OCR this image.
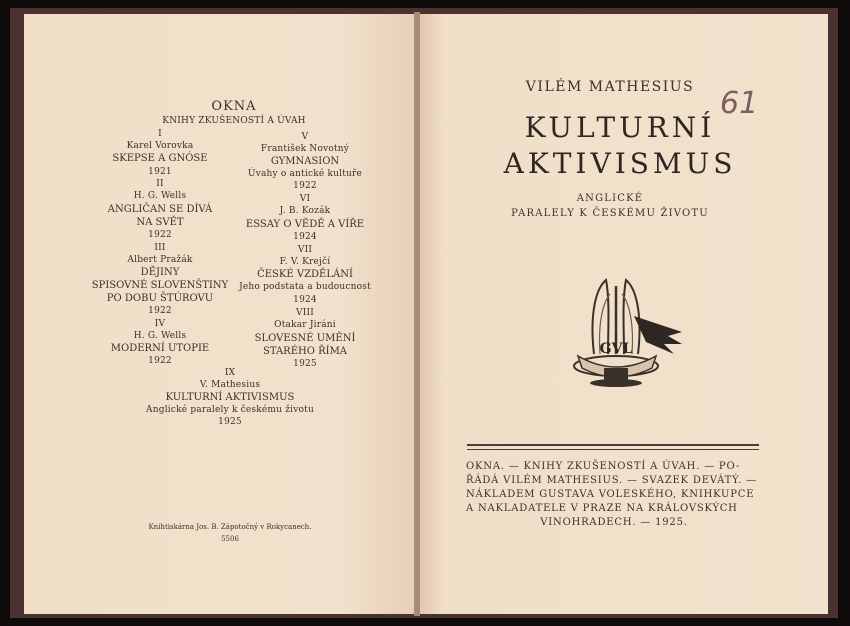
OKNA
KNIHY ZKUŠENOSTÍ A ÚVAH
I
Karel Vorovka
SKEPSE A GNÓSE
1921
II
H. G. Wells
ANGLIČAN SE DÍVÁ
NA SVĚT
1922
III
Albert Pražák
DĚJINY
SPISOVNÉ SLOVENŠTINY
PO DOBU ŠTÚROVU
1922
IV
H. G. Wells
MODERNÍ UTOPIE
1922
V
František Novotný
GYMNASION
Úvahy o antické kultuře
1922
VI
J. B. Kozák
ESSAY O VĚDĚ A VÍŘE
1924
VII
F. V. Krejčí
ČESKÉ VZDĚLÁNÍ
Jeho podstata a budoucnost
1924
VIII
Otakar Jiráni
SLOVESNÉ UMĚNÍ
STARÉHO ŘÍMA
1925
IX
V. Mathesius
KULTURNÍ AKTIVISMUS
Anglické paralely k českému životu
1925
Knihtiskárna Jos. B. Zápotočný v Rokycanech.
5506
VILÉM MATHESIUS 61
KULTURNÍ
AKTIVISMUS
ANGLICKÉ
PARALELY K ČESKÉMU ŽIVOTU
GVL
OKNA. — KNIHY ZKUŠENOSTÍ A ÚVAH. — PO-
ŘÁDÁ VILÉM MATHESIUS. — SVAZEK DEVÁTÝ. —
NÁKLADEM GUSTAVA VOLESKÉHO, KNIHKUPCE
A NAKLADATELE V PRAZE NA KRÁLOVSKÝCH
VINOHRADECH. — 1925.
